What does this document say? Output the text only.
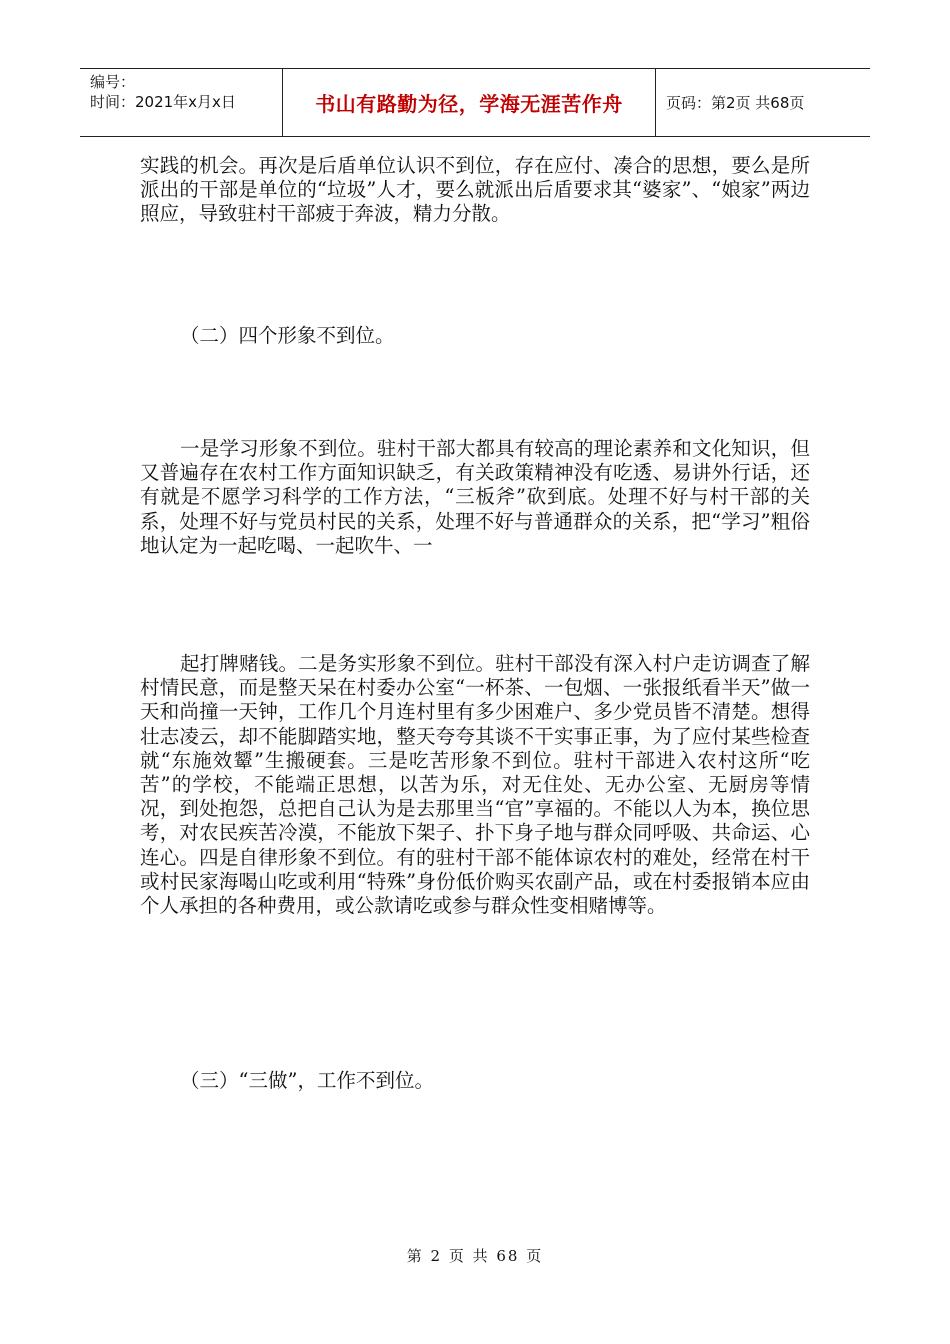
编号：
时间：2021年x月x日	书山有路勤为径，学海无涯苦作舟	页码：第2页 共68页

实践的机会。再次是后盾单位认识不到位，存在应付、凑合的思想，要么是所派出的干部是单位的“垃圾”人才，要么就派出后盾要求其“婆家”、“娘家”两边照应，导致驻村干部疲于奔波，精力分散。

（二）四个形象不到位。

一是学习形象不到位。驻村干部大都具有较高的理论素养和文化知识，但又普遍存在农村工作方面知识缺乏，有关政策精神没有吃透、易讲外行话，还有就是不愿学习科学的工作方法，“三板斧”砍到底。处理不好与村干部的关系，处理不好与党员村民的关系，处理不好与普通群众的关系，把“学习”粗俗地认定为一起吃喝、一起吹牛、一

起打牌赌钱。二是务实形象不到位。驻村干部没有深入村户走访调查了解村情民意，而是整天呆在村委办公室“一杯茶、一包烟、一张报纸看半天”做一天和尚撞一天钟，工作几个月连村里有多少困难户、多少党员皆不清楚。想得壮志凌云，却不能脚踏实地，整天夸夸其谈不干实事正事，为了应付某些检查就“东施效颦”生搬硬套。三是吃苦形象不到位。驻村干部进入农村这所“吃苦”的学校，不能端正思想，以苦为乐，对无住处、无办公室、无厨房等情况，到处抱怨，总把自己认为是去那里当“官”享福的。不能以人为本，换位思考，对农民疾苦冷漠，不能放下架子、扑下身子地与群众同呼吸、共命运、心连心。四是自律形象不到位。有的驻村干部不能体谅农村的难处，经常在村干或村民家海喝山吃或利用“特殊”身份低价购买农副产品，或在村委报销本应由个人承担的各种费用，或公款请吃或参与群众性变相赌博等。

（三）“三做”，工作不到位。

第 2 页 共 68 页
